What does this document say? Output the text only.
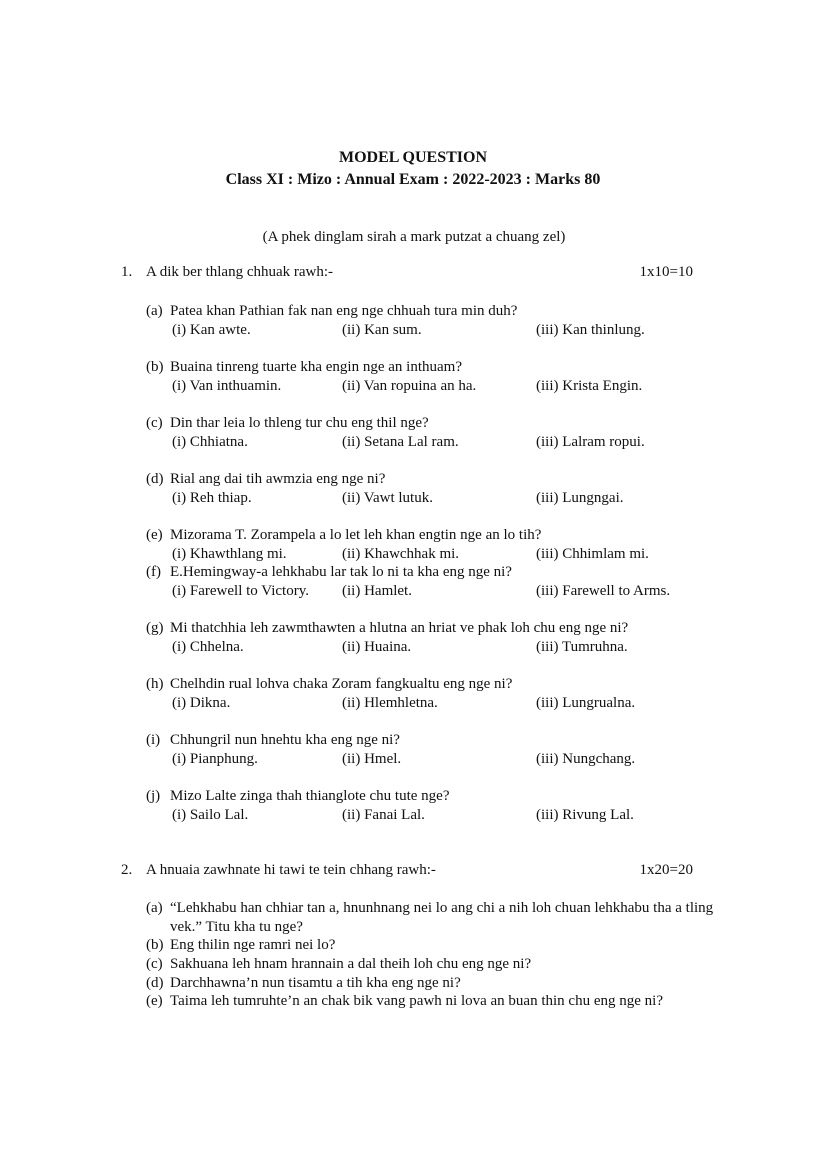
MODEL QUESTION
Class XI : Mizo : Annual Exam : 2022-2023 : Marks 80
(A phek dinglam sirah a mark putzat a chuang zel)
1. A dik ber thlang chhuak rawh:-	1x10=10
(a) Patea khan Pathian fak nan eng nge chhuah tura min duh?
(i) Kan awte.	(ii) Kan sum.	(iii) Kan thinlung.
(b) Buaina tinreng tuarte kha engin nge an inthuam?
(i) Van inthuamin.	(ii) Van ropuina an ha.	(iii) Krista Engin.
(c) Din thar leia lo thleng tur chu eng thil nge?
(i) Chhiatna.	(ii) Setana Lal ram.	(iii) Lalram ropui.
(d) Rial ang dai tih awmzia eng nge ni?
(i) Reh thiap.	(ii) Vawt lutuk.	(iii) Lungngai.
(e) Mizorama T. Zorampela a lo let leh khan engtin nge an lo tih?
(i) Khawthlang mi.	(ii) Khawchhak mi.	(iii) Chhimlam mi.
(f) E.Hemingway-a lehkhabu lar tak lo ni ta kha eng nge ni?
(i) Farewell to Victory. (ii) Hamlet.	(iii) Farewell to Arms.
(g) Mi thatchhia leh zawmthawten a hlutna an hriat ve phak loh chu eng nge ni?
(i) Chhelna.	(ii) Huaina.	(iii) Tumruhna.
(h) Chelhdin rual lohva chaka Zoram fangkualtu eng nge ni?
(i) Dikna.	(ii) Hlemhletna.	(iii) Lungrualna.
(i) Chhungril nun hnehtu kha eng nge ni?
(i) Pianphung.	(ii) Hmel.	(iii) Nungchang.
(j) Mizo Lalte zinga thah thianglote chu tute nge?
(i) Sailo Lal.	(ii) Fanai Lal.	(iii) Rivung Lal.
2. A hnuaia zawhnate hi tawi te tein chhang rawh:-	1x20=20
(a) “Lehkhabu han chhiar tan a, hnunhnang nei lo ang chi a nih loh chuan lehkhabu tha a tling vek.” Titu kha tu nge?
(b) Eng thilin nge ramri nei lo?
(c) Sakhuana leh hnam hrannain a dal theih loh chu eng nge ni?
(d) Darchhawna’n nun tisamtu a tih kha eng nge ni?
(e) Taima leh tumruhte’n an chak bik vang pawh ni lova an buan thin chu eng nge ni?
